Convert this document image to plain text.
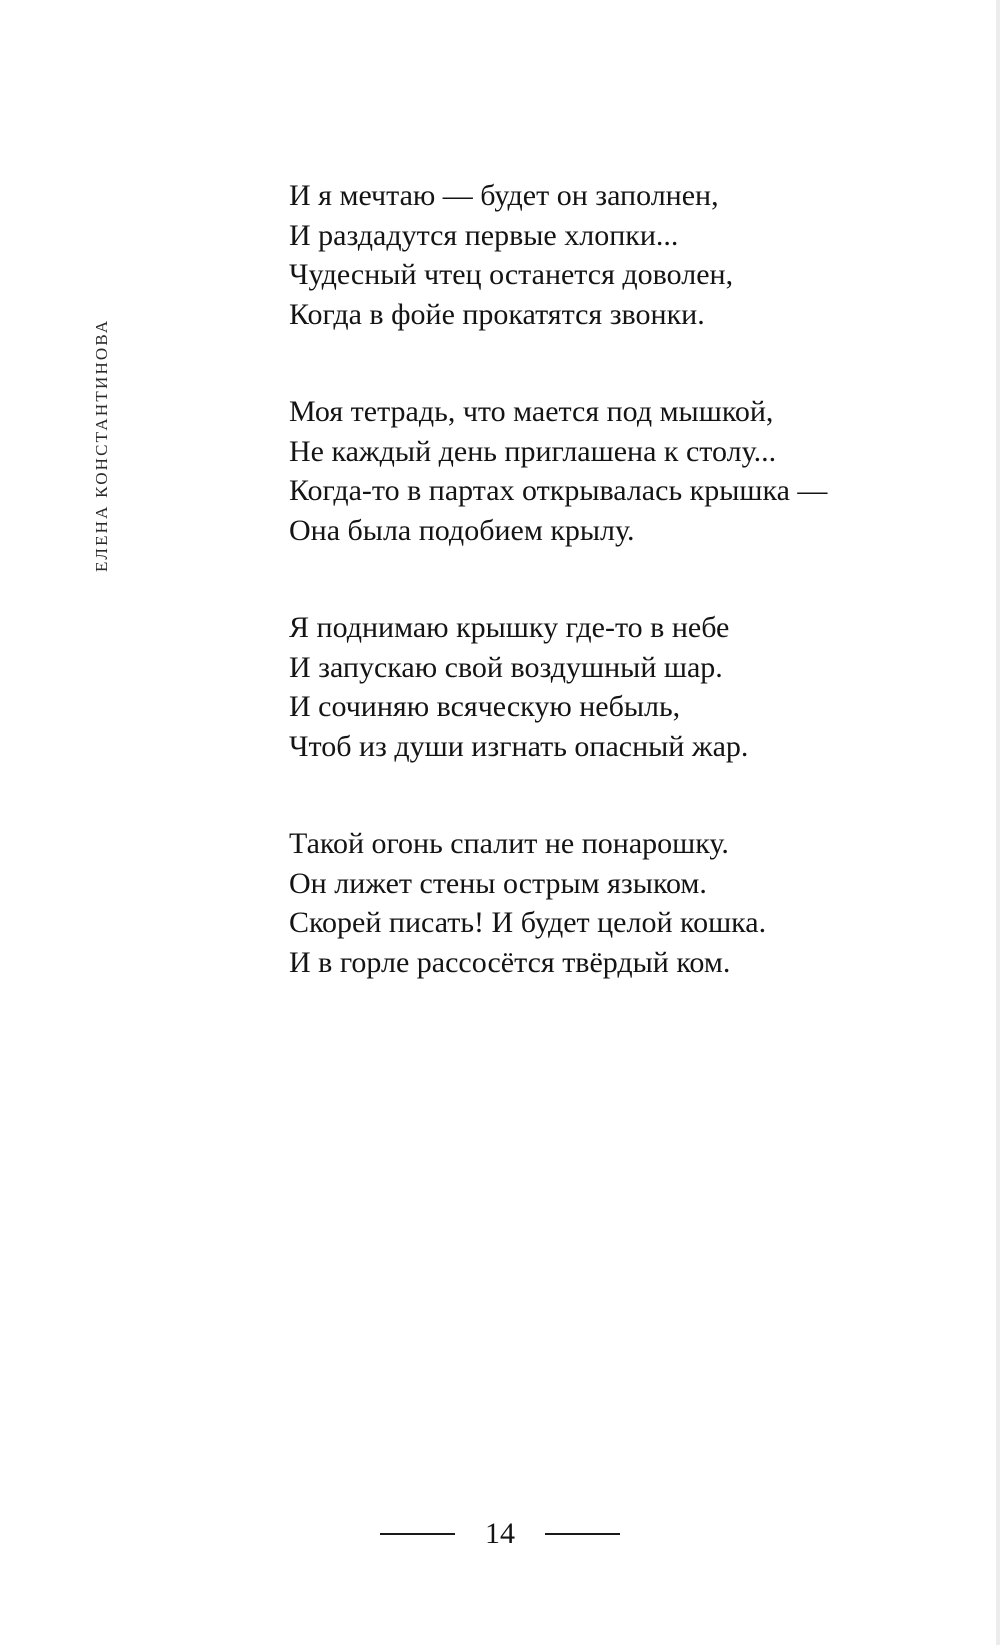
ЕЛЕНА КОНСТАНТИНОВА
И я мечтаю — будет он заполнен,
И раздадутся первые хлопки...
Чудесный чтец останется доволен,
Когда в фойе прокатятся звонки.
Моя тетрадь, что мается под мышкой,
Не каждый день приглашена к столу...
Когда-то в партах открывалась крышка —
Она была подобием крылу.
Я поднимаю крышку где-то в небе
И запускаю свой воздушный шар.
И сочиняю всяческую небыль,
Чтоб из души изгнать опасный жар.
Такой огонь спалит не понарошку.
Он лижет стены острым языком.
Скорей писать! И будет целой кошка.
И в горле рассосётся твёрдый ком.
14
